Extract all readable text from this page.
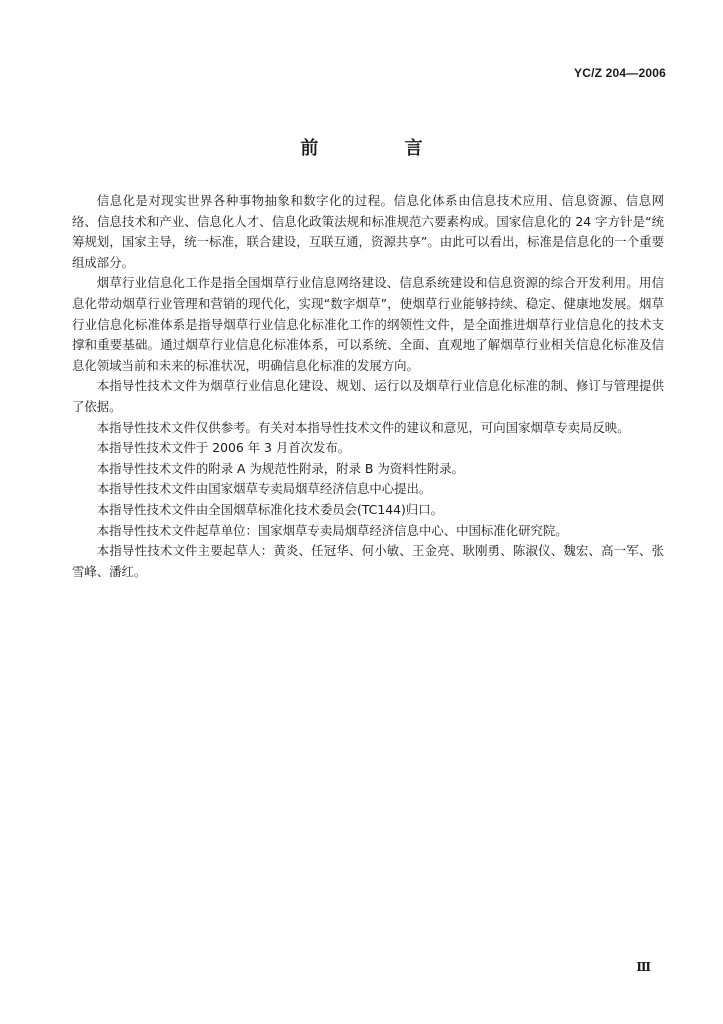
YC/Z 204—2006
前 言

信息化是对现实世界各种事物抽象和数字化的过程。信息化体系由信息技术应用、信息资源、信息网络、信息技术和产业、信息化人才、信息化政策法规和标准规范六要素构成。国家信息化的 24 字方针是“统筹规划，国家主导，统一标准，联合建设，互联互通，资源共享”。由此可以看出，标准是信息化的一个重要组成部分。

烟草行业信息化工作是指全国烟草行业信息网络建设、信息系统建设和信息资源的综合开发利用。用信息化带动烟草行业管理和营销的现代化，实现“数字烟草”，使烟草行业能够持续、稳定、健康地发展。烟草行业信息化标准体系是指导烟草行业信息化标准化工作的纲领性文件，是全面推进烟草行业信息化的技术支撑和重要基础。通过烟草行业信息化标准体系，可以系统、全面、直观地了解烟草行业相关信息化标准及信息化领域当前和未来的标准状况，明确信息化标准的发展方向。

本指导性技术文件为烟草行业信息化建设、规划、运行以及烟草行业信息化标准的制、修订与管理提供了依据。

本指导性技术文件仅供参考。有关对本指导性技术文件的建议和意见，可向国家烟草专卖局反映。

本指导性技术文件于 2006 年 3 月首次发布。

本指导性技术文件的附录 A 为规范性附录，附录 B 为资料性附录。

本指导性技术文件由国家烟草专卖局烟草经济信息中心提出。

本指导性技术文件由全国烟草标准化技术委员会(TC144)归口。

本指导性技术文件起草单位：国家烟草专卖局烟草经济信息中心、中国标准化研究院。

本指导性技术文件主要起草人：黄炎、任冠华、何小敏、王金亮、耿刚勇、陈淑仪、魏宏、高一军、张雪峰、潘红。

Ⅲ
